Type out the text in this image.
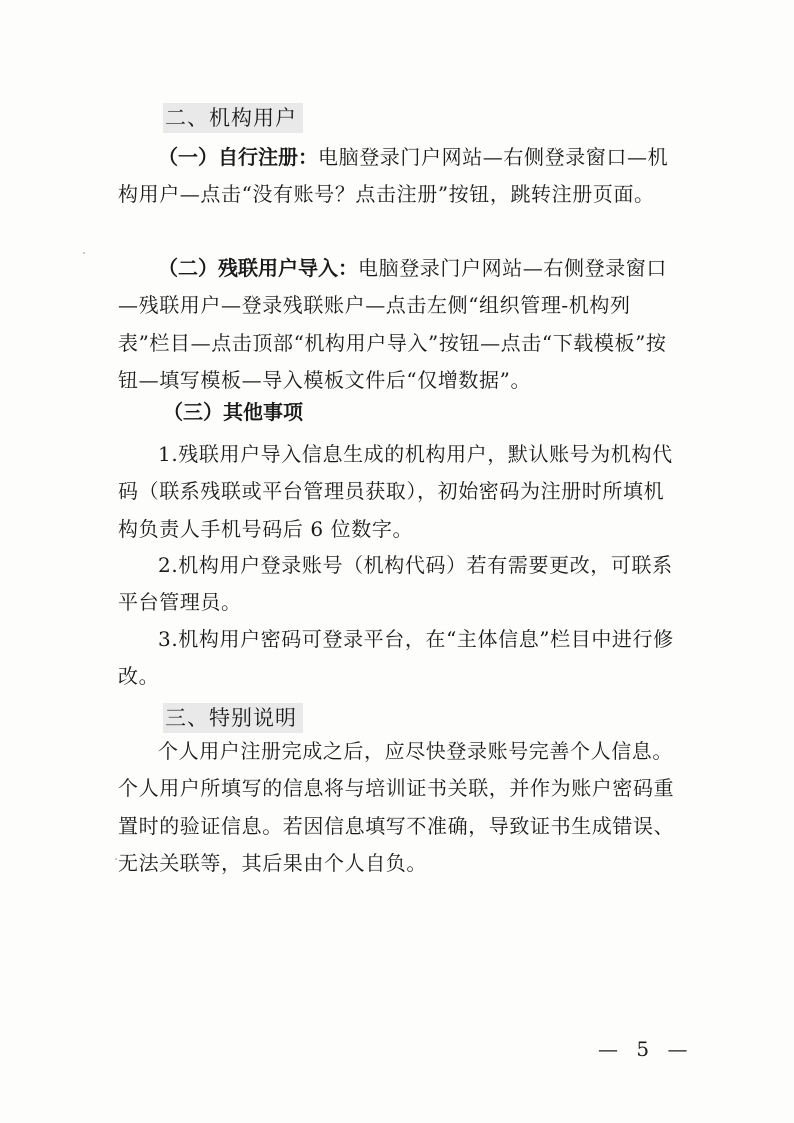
二、机构用户

（一）自行注册：电脑登录门户网站—右侧登录窗口—机构用户—点击“没有账号？点击注册”按钮，跳转注册页面。

（二）残联用户导入：电脑登录门户网站—右侧登录窗口—残联用户—登录残联账户—点击左侧“组织管理-机构列表”栏目—点击顶部“机构用户导入”按钮—点击“下载模板”按钮—填写模板—导入模板文件后“仅增数据”。

（三）其他事项

1.残联用户导入信息生成的机构用户，默认账号为机构代码（联系残联或平台管理员获取），初始密码为注册时所填机构负责人手机号码后 6 位数字。

2.机构用户登录账号（机构代码）若有需要更改，可联系平台管理员。

3.机构用户密码可登录平台，在“主体信息”栏目中进行修改。

三、特别说明

个人用户注册完成之后，应尽快登录账号完善个人信息。个人用户所填写的信息将与培训证书关联，并作为账户密码重置时的验证信息。若因信息填写不准确，导致证书生成错误、无法关联等，其后果由个人自负。

— 5 —
